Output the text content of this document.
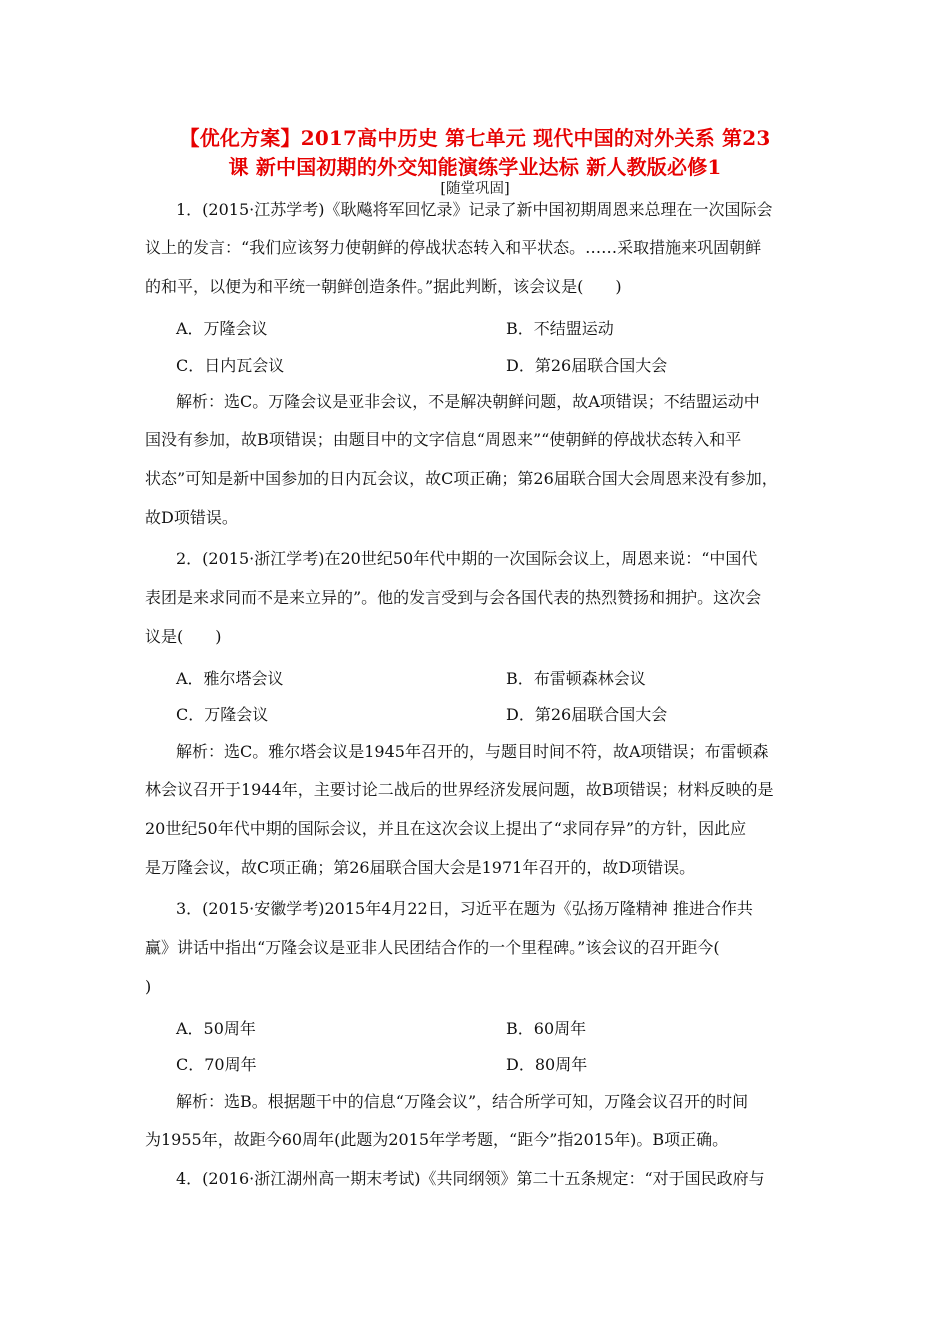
【优化方案】2017高中历史 第七单元 现代中国的对外关系 第23
课 新中国初期的外交知能演练学业达标 新人教版必修1
[随堂巩固]
1．(2015·江苏学考)《耿飚将军回忆录》记录了新中国初期周恩来总理在一次国际会
议上的发言：“我们应该努力使朝鲜的停战状态转入和平状态。……采取措施来巩固朝鲜
的和平，以便为和平统一朝鲜创造条件。”据此判断，该会议是(　　)
A．万隆会议	B．不结盟运动
C．日内瓦会议	D．第26届联合国大会
解析：选C。万隆会议是亚非会议，不是解决朝鲜问题，故A项错误；不结盟运动中
国没有参加，故B项错误；由题目中的文字信息“周恩来”“使朝鲜的停战状态转入和平
状态”可知是新中国参加的日内瓦会议，故C项正确；第26届联合国大会周恩来没有参加，
故D项错误。
2．(2015·浙江学考)在20世纪50年代中期的一次国际会议上，周恩来说：“中国代
表团是来求同而不是来立异的”。他的发言受到与会各国代表的热烈赞扬和拥护。这次会
议是(　　)
A．雅尔塔会议	B．布雷顿森林会议
C．万隆会议	D．第26届联合国大会
解析：选C。雅尔塔会议是1945年召开的，与题目时间不符，故A项错误；布雷顿森
林会议召开于1944年，主要讨论二战后的世界经济发展问题，故B项错误；材料反映的是
20世纪50年代中期的国际会议，并且在这次会议上提出了“求同存异”的方针，因此应
是万隆会议，故C项正确；第26届联合国大会是1971年召开的，故D项错误。
3．(2015·安徽学考)2015年4月22日，习近平在题为《弘扬万隆精神 推进合作共
赢》讲话中指出“万隆会议是亚非人民团结合作的一个里程碑。”该会议的召开距今(
)
A．50周年	B．60周年
C．70周年	D．80周年
解析：选B。根据题干中的信息“万隆会议”，结合所学可知，万隆会议召开的时间
为1955年，故距今60周年(此题为2015年学考题，“距今”指2015年)。B项正确。
4．(2016·浙江湖州高一期末考试)《共同纲领》第二十五条规定：“对于国民政府与
